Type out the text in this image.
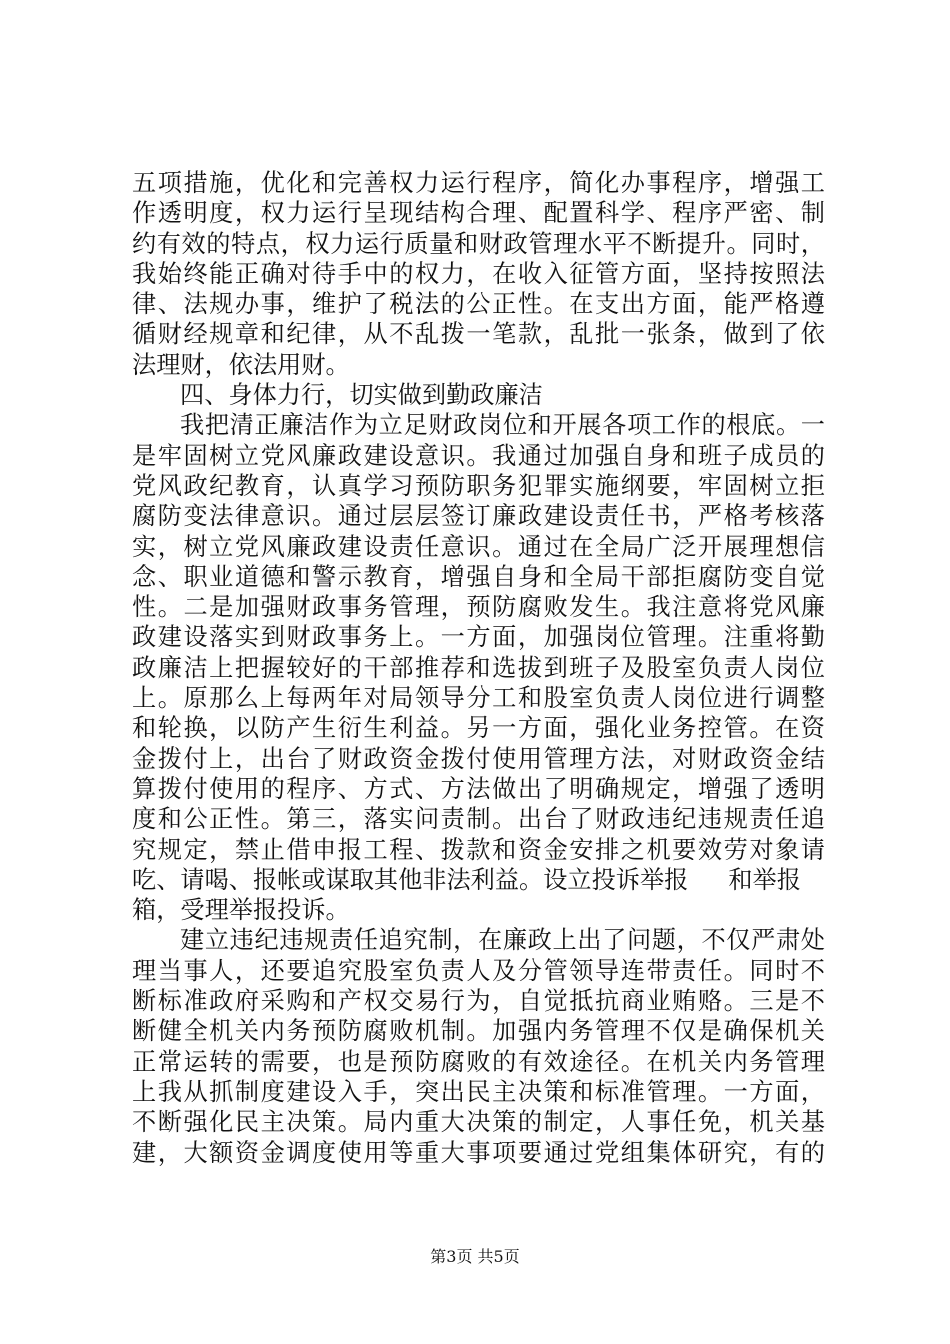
五项措施，优化和完善权力运行程序，简化办事程序，增强工
作透明度，权力运行呈现结构合理、配置科学、程序严密、制
约有效的特点，权力运行质量和财政管理水平不断提升。同时，
我始终能正确对待手中的权力，在收入征管方面，坚持按照法
律、法规办事，维护了税法的公正性。在支出方面，能严格遵
循财经规章和纪律，从不乱拨一笔款，乱批一张条，做到了依
法理财，依法用财。
四、身体力行，切实做到勤政廉洁
我把清正廉洁作为立足财政岗位和开展各项工作的根底。一
是牢固树立党风廉政建设意识。我通过加强自身和班子成员的
党风政纪教育，认真学习预防职务犯罪实施纲要，牢固树立拒
腐防变法律意识。通过层层签订廉政建设责任书，严格考核落
实，树立党风廉政建设责任意识。通过在全局广泛开展理想信
念、职业道德和警示教育，增强自身和全局干部拒腐防变自觉
性。二是加强财政事务管理，预防腐败发生。我注意将党风廉
政建设落实到财政事务上。一方面，加强岗位管理。注重将勤
政廉洁上把握较好的干部推荐和选拔到班子及股室负责人岗位
上。原那么上每两年对局领导分工和股室负责人岗位进行调整
和轮换，以防产生衍生利益。另一方面，强化业务控管。在资
金拨付上，出台了财政资金拨付使用管理方法，对财政资金结
算拨付使用的程序、方式、方法做出了明确规定，增强了透明
度和公正性。第三，落实问责制。出台了财政违纪违规责任追
究规定，禁止借申报工程、拨款和资金安排之机要效劳对象请
吃、请喝、报帐或谋取其他非法利益。设立投诉举报 和举报
箱，受理举报投诉。
建立违纪违规责任追究制，在廉政上出了问题，不仅严肃处
理当事人，还要追究股室负责人及分管领导连带责任。同时不
断标准政府采购和产权交易行为，自觉抵抗商业贿赂。三是不
断健全机关内务预防腐败机制。加强内务管理不仅是确保机关
正常运转的需要，也是预防腐败的有效途径。在机关内务管理
上我从抓制度建设入手，突出民主决策和标准管理。一方面，
不断强化民主决策。局内重大决策的制定，人事任免，机关基
建，大额资金调度使用等重大事项要通过党组集体研究，有的
第3页 共5页
